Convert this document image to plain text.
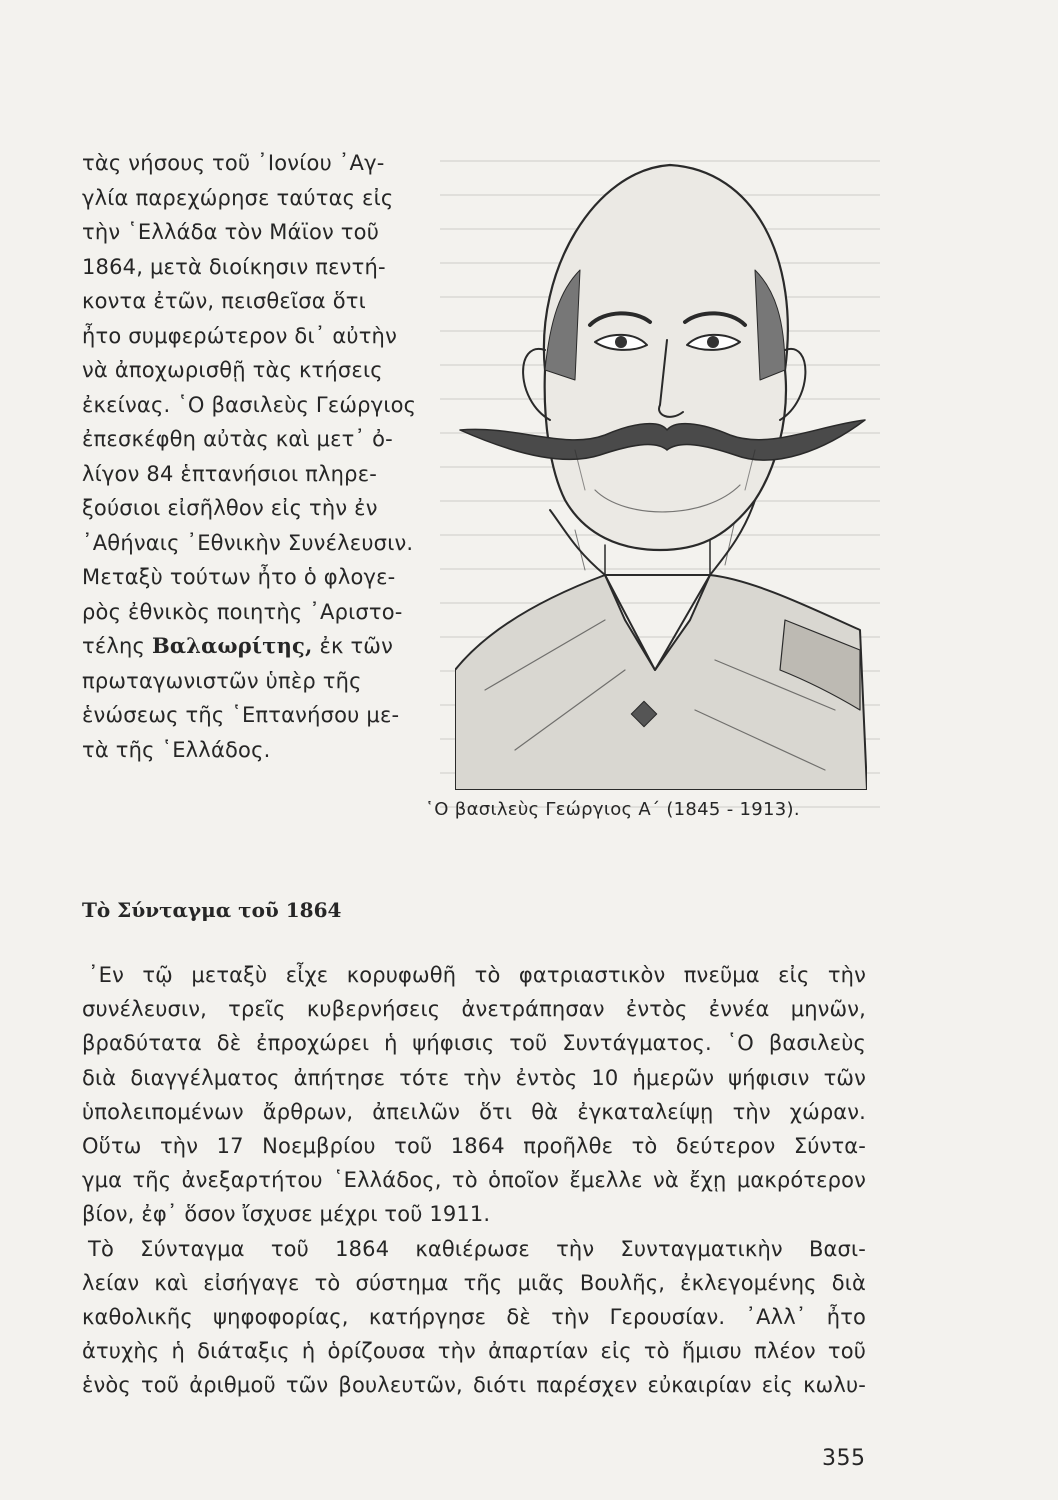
τὰς νήσους τοῦ ᾿Ιονίου ᾿Αγ-
γλία παρεχώρησε ταύτας εἰς
τὴν ῾Ελλάδα τὸν Μάϊον τοῦ
1864, μετὰ διοίκησιν πεντή-
κοντα ἐτῶν, πεισθεῖσα ὅτι
ἦτο συμφερώτερον δι᾿ αὐτὴν
νὰ ἀποχωρισθῇ τὰς κτήσεις
ἐκείνας. ῾Ο βασιλεὺς Γεώργιος
ἐπεσκέφθη αὐτὰς καὶ μετ᾿ ὀ-
λίγον 84 ἑπτανήσιοι πληρε-
ξούσιοι εἰσῆλθον εἰς τὴν ἐν
᾿Αθήναις ᾿Εθνικὴν Συνέλευσιν.
Μεταξὺ τούτων ἦτο ὁ φλογε-
ρὸς ἐθνικὸς ποιητὴς ᾿Αριστο-
τέλης Βαλαωρίτης, ἐκ τῶν
πρωταγωνιστῶν ὑπὲρ τῆς
ἑνώσεως τῆς ῾Επτανήσου με-
τὰ τῆς ῾Ελλάδος.
῾Ο βασιλεὺς Γεώργιος Α΄ (1845 - 1913).
Τὸ Σύνταγμα τοῦ 1864
᾿Εν τῷ μεταξὺ εἶχε κορυφωθῆ τὸ φατριαστικὸν πνεῦμα εἰς τὴν
συνέλευσιν, τρεῖς κυβερνήσεις ἀνετράπησαν ἐντὸς ἐννέα μηνῶν,
βραδύτατα δὲ ἐπροχώρει ἡ ψήφισις τοῦ Συντάγματος. ῾Ο βασιλεὺς
διὰ διαγγέλματος ἀπήτησε τότε τὴν ἐντὸς 10 ἡμερῶν ψήφισιν τῶν
ὑπολειπομένων ἄρθρων, ἀπειλῶν ὅτι θὰ ἐγκαταλείψῃ τὴν χώραν.
Οὕτω τὴν 17 Νοεμβρίου τοῦ 1864 προῆλθε τὸ δεύτερον Σύντα-
γμα τῆς ἀνεξαρτήτου ῾Ελλάδος, τὸ ὁποῖον ἔμελλε νὰ ἔχῃ μακρότερον
βίον, ἐφ᾿ ὅσον ἴσχυσε μέχρι τοῦ 1911.
Τὸ Σύνταγμα τοῦ 1864 καθιέρωσε τὴν Συνταγματικὴν Βασι-
λείαν καὶ εἰσήγαγε τὸ σύστημα τῆς μιᾶς Βουλῆς, ἐκλεγομένης διὰ
καθολικῆς ψηφοφορίας, κατήργησε δὲ τὴν Γερουσίαν. ᾿Αλλ᾿ ἦτο
ἀτυχὴς ἡ διάταξις ἡ ὁρίζουσα τὴν ἀπαρτίαν εἰς τὸ ἥμισυ πλέον τοῦ
ἑνὸς τοῦ ἀριθμοῦ τῶν βουλευτῶν, διότι παρέσχεν εὐκαιρίαν εἰς κωλυ-
355
